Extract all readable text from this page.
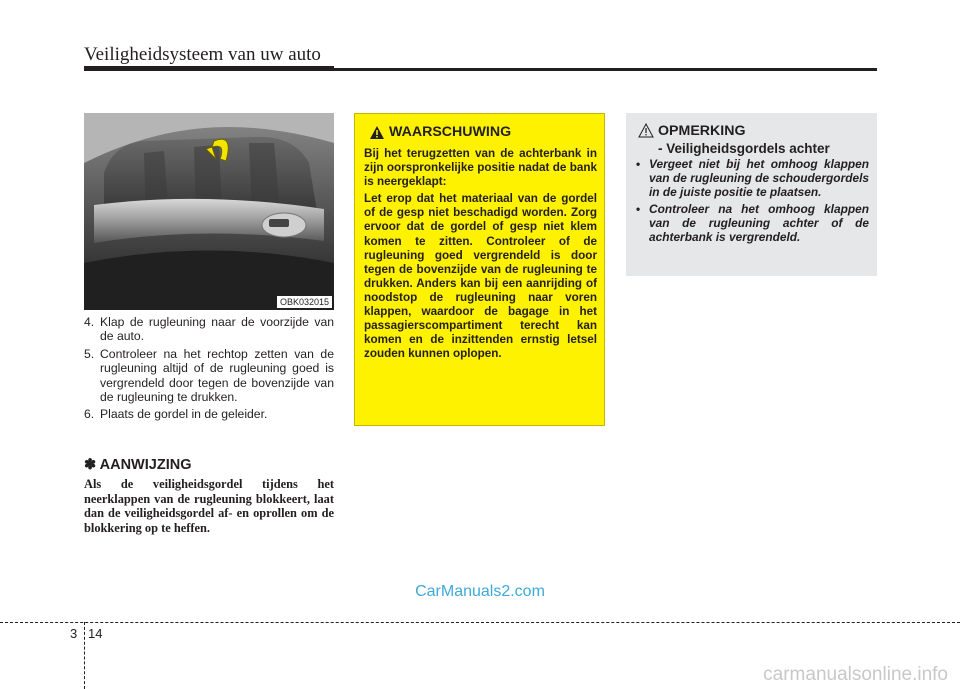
Veiligheidsysteem van uw auto
OBK032015
4. Klap de rugleuning naar de voorzijde van de auto.
5. Controleer na het rechtop zetten van de rugleuning altijd of de rugleuning goed is vergrendeld door tegen de bovenzijde van de rugleuning te drukken.
6. Plaats de gordel in de geleider.
✽ AANWIJZING
Als de veiligheidsgordel tijdens het neerklappen van de rugleuning blokkeert, laat dan de veiligheidsgordel af- en oprollen om de blokkering op te heffen.
WAARSCHUWING

Bij het terugzetten van de achterbank in zijn oorspronkelijke positie nadat de bank is neergeklapt:

Let erop dat het materiaal van de gordel of de gesp niet beschadigd worden. Zorg ervoor dat de gordel of gesp niet klem komen te zitten. Controleer of de rugleuning goed vergrendeld is door tegen de bovenzijde van de rugleuning te drukken. Anders kan bij een aanrijding of noodstop de rugleuning naar voren klappen, waardoor de bagage in het passagierscompartiment terecht kan komen en de inzittenden ernstig letsel zouden kunnen oplopen.

OPMERKING
- Veiligheidsgordels achter
• Vergeet niet bij het omhoog klappen van de rugleuning de schoudergordels in de juiste positie te plaatsen.
• Controleer na het omhoog klappen van de rugleuning achter of de achterbank is vergrendeld.
CarManuals2.com
3 14
carmanualsonline.info
